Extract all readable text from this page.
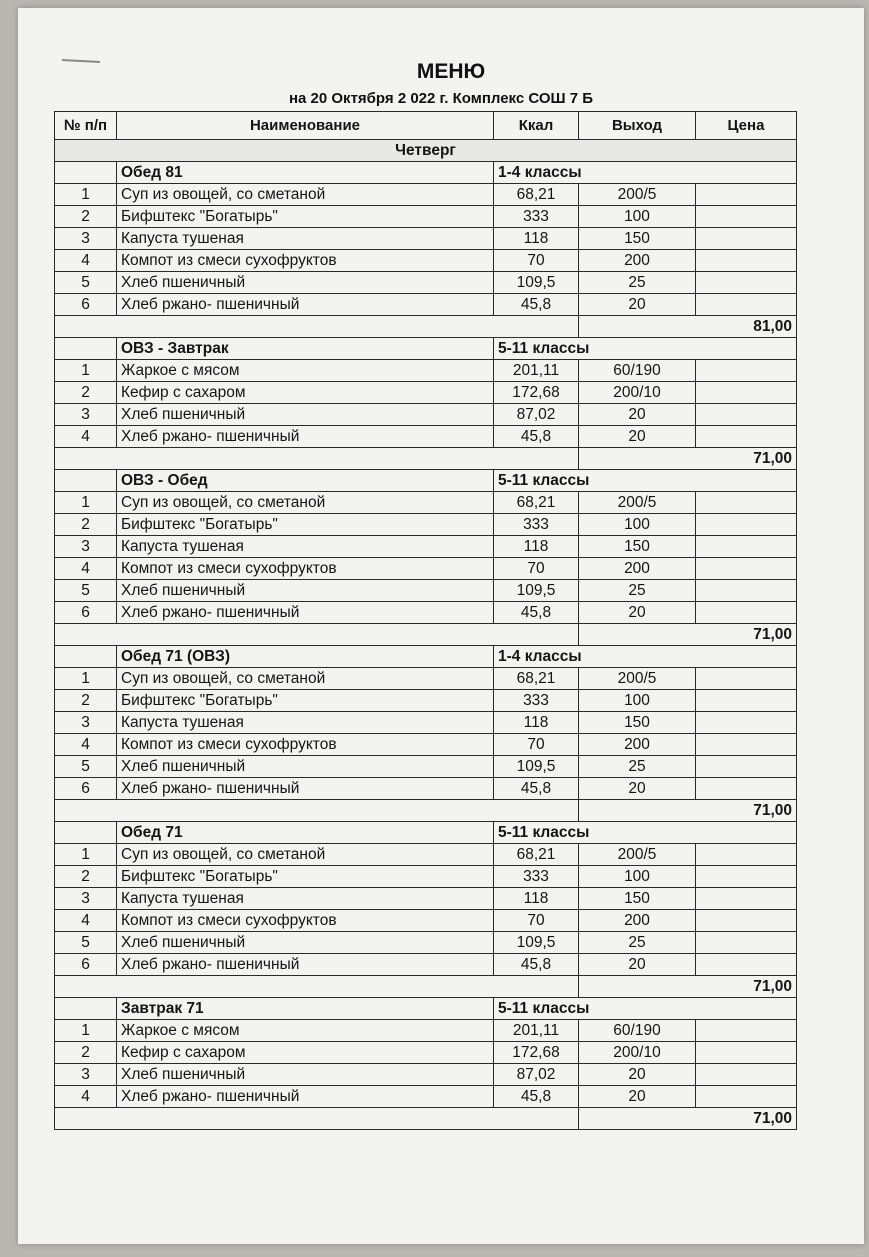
МЕНЮ
на 20 Октября 2 022 г. Комплекс СОШ 7 Б
№ п/п	Наименование	Ккал	Выход	Цена
Четверг				
	Обед 81	1-4 классы		
1	Суп из овощей, со сметаной	68,21	200/5	
2	Бифштекс "Богатырь"	333	100	
3	Капуста тушеная	118	150	
4	Компот из смеси сухофруктов	70	200	
5	Хлеб пшеничный	109,5	25	
6	Хлеб ржано- пшеничный	45,8	20	
			81,00	
	ОВЗ - Завтрак	5-11 классы		
1	Жаркое с мясом	201,11	60/190	
2	Кефир с сахаром	172,68	200/10	
3	Хлеб пшеничный	87,02	20	
4	Хлеб ржано- пшеничный	45,8	20	
			71,00	
	ОВЗ - Обед	5-11 классы		
1	Суп из овощей, со сметаной	68,21	200/5	
2	Бифштекс "Богатырь"	333	100	
3	Капуста тушеная	118	150	
4	Компот из смеси сухофруктов	70	200	
5	Хлеб пшеничный	109,5	25	
6	Хлеб ржано- пшеничный	45,8	20	
			71,00	
	Обед 71 (ОВЗ)	1-4 классы		
1	Суп из овощей, со сметаной	68,21	200/5	
2	Бифштекс "Богатырь"	333	100	
3	Капуста тушеная	118	150	
4	Компот из смеси сухофруктов	70	200	
5	Хлеб пшеничный	109,5	25	
6	Хлеб ржано- пшеничный	45,8	20	
			71,00	
	Обед 71	5-11 классы		
1	Суп из овощей, со сметаной	68,21	200/5	
2	Бифштекс "Богатырь"	333	100	
3	Капуста тушеная	118	150	
4	Компот из смеси сухофруктов	70	200	
5	Хлеб пшеничный	109,5	25	
6	Хлеб ржано- пшеничный	45,8	20	
			71,00	
	Завтрак 71	5-11 классы		
1	Жаркое с мясом	201,11	60/190	
2	Кефир с сахаром	172,68	200/10	
3	Хлеб пшеничный	87,02	20	
4	Хлеб ржано- пшеничный	45,8	20	
			71,00	
